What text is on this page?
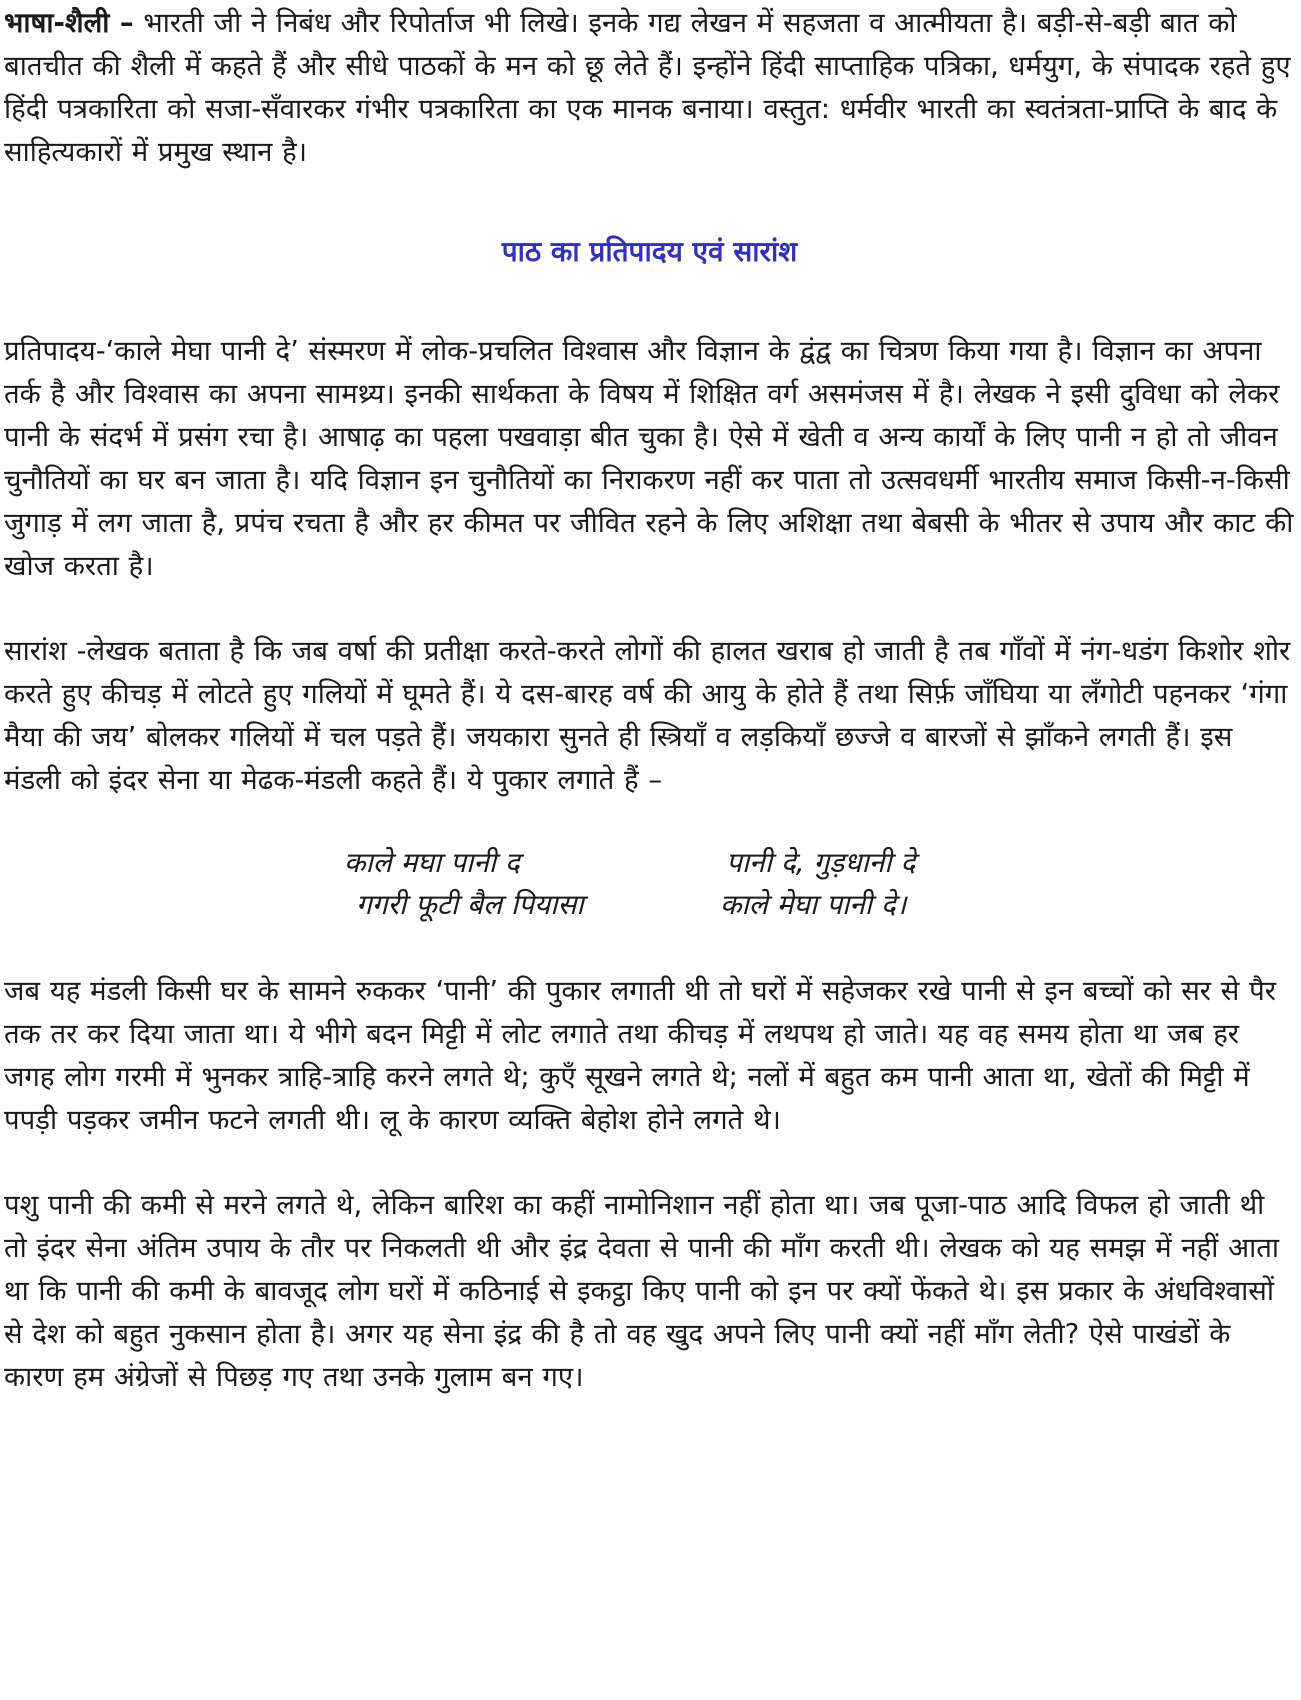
भाषा-शैली – भारती जी ने निबंध और रिपोर्ताज भी लिखे। इनके गद्य लेखन में सहजता व आत्मीयता है। बड़ी-से-बड़ी बात को बातचीत की शैली में कहते हैं और सीधे पाठकों के मन को छू लेते हैं। इन्होंने हिंदी साप्ताहिक पत्रिका, धर्मयुग, के संपादक रहते हुए हिंदी पत्रकारिता को सजा-सँवारकर गंभीर पत्रकारिता का एक मानक बनाया। वस्तुत: धर्मवीर भारती का स्वतंत्रता-प्राप्ति के बाद के साहित्यकारों में प्रमुख स्थान है।

पाठ का प्रतिपादय एवं सारांश

प्रतिपादय-‘काले मेघा पानी दे’ संस्मरण में लोक-प्रचलित विश्वास और विज्ञान के द्वंद्व का चित्रण किया गया है। विज्ञान का अपना तर्क है और विश्वास का अपना सामथ्र्य। इनकी सार्थकता के विषय में शिक्षित वर्ग असमंजस में है। लेखक ने इसी दुविधा को लेकर पानी के संदर्भ में प्रसंग रचा है। आषाढ़ का पहला पखवाड़ा बीत चुका है। ऐसे में खेती व अन्य कार्यों के लिए पानी न हो तो जीवन चुनौतियों का घर बन जाता है। यदि विज्ञान इन चुनौतियों का निराकरण नहीं कर पाता तो उत्सवधर्मी भारतीय समाज किसी-न-किसी जुगाड़ में लग जाता है, प्रपंच रचता है और हर कीमत पर जीवित रहने के लिए अशिक्षा तथा बेबसी के भीतर से उपाय और काट की खोज करता है।

सारांश -लेखक बताता है कि जब वर्षा की प्रतीक्षा करते-करते लोगों की हालत खराब हो जाती है तब गाँवों में नंग-धडंग किशोर शोर करते हुए कीचड़ में लोटते हुए गलियों में घूमते हैं। ये दस-बारह वर्ष की आयु के होते हैं तथा सिर्फ़ जाँघिया या लँगोटी पहनकर ‘गंगा मैया की जय’ बोलकर गलियों में चल पड़ते हैं। जयकारा सुनते ही स्त्रियाँ व लड़कियाँ छज्जे व बारजों से झाँकने लगती हैं। इस मंडली को इंदर सेना या मेढक-मंडली कहते हैं। ये पुकार लगाते हैं –

काले मघा पानी द	पानी दे, गुड़धानी दे
गगरी फूटी बैल पियासा	काले मेघा पानी दे।

जब यह मंडली किसी घर के सामने रुककर ‘पानी’ की पुकार लगाती थी तो घरों में सहेजकर रखे पानी से इन बच्चों को सर से पैर तक तर कर दिया जाता था। ये भीगे बदन मिट्टी में लोट लगाते तथा कीचड़ में लथपथ हो जाते। यह वह समय होता था जब हर जगह लोग गरमी में भुनकर त्राहि-त्राहि करने लगते थे; कुएँ सूखने लगते थे; नलों में बहुत कम पानी आता था, खेतों की मिट्टी में पपड़ी पड़कर जमीन फटने लगती थी। लू के कारण व्यक्ति बेहोश होने लगते थे।

पशु पानी की कमी से मरने लगते थे, लेकिन बारिश का कहीं नामोनिशान नहीं होता था। जब पूजा-पाठ आदि विफल हो जाती थी तो इंदर सेना अंतिम उपाय के तौर पर निकलती थी और इंद्र देवता से पानी की माँग करती थी। लेखक को यह समझ में नहीं आता था कि पानी की कमी के बावजूद लोग घरों में कठिनाई से इकट्ठा किए पानी को इन पर क्यों फेंकते थे। इस प्रकार के अंधविश्वासों से देश को बहुत नुकसान होता है। अगर यह सेना इंद्र की है तो वह खुद अपने लिए पानी क्यों नहीं माँग लेती? ऐसे पाखंडों के कारण हम अंग्रेजों से पिछड़ गए तथा उनके गुलाम बन गए।
